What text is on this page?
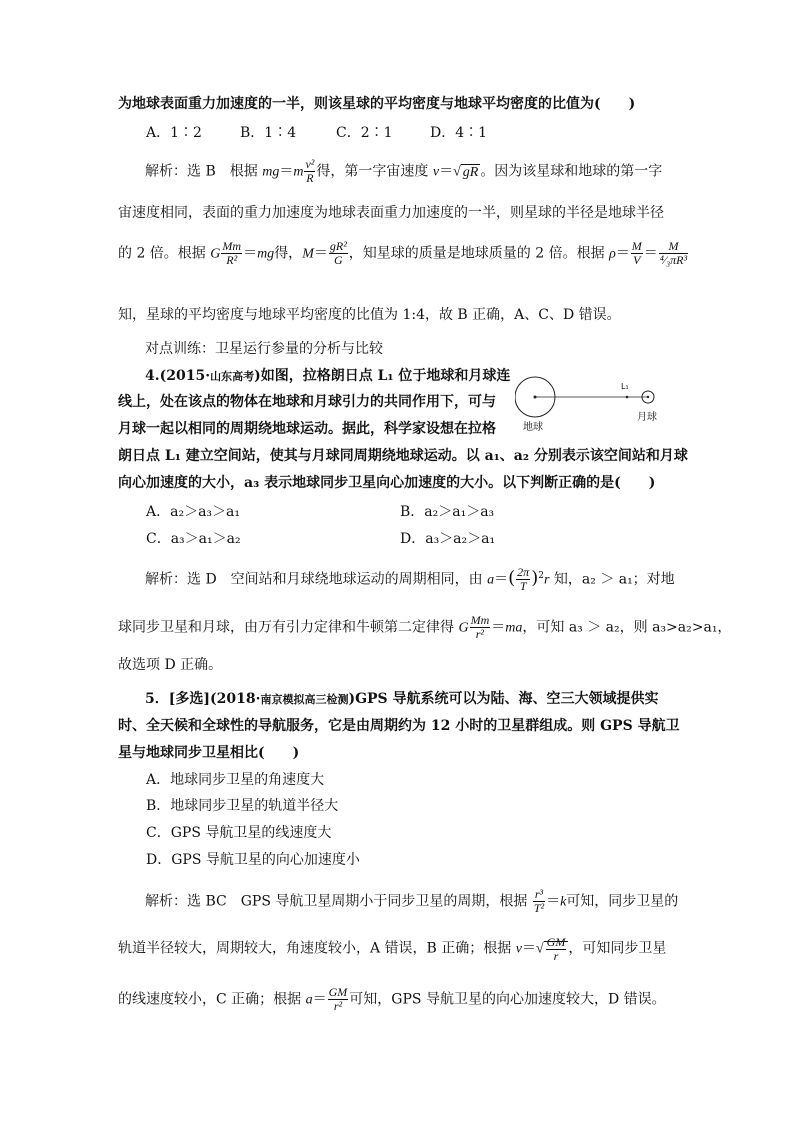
为地球表面重力加速度的一半，则该星球的平均密度与地球平均密度的比值为(　　)
A．1∶2	B．1∶4	C．2∶1	D．4∶1
解析：选 B　根据 $mg=m \frac{\text{v²}}{R}$ 得，第一字宙速度 v＝√ gR 。因为该星球和地球的第一字
宙速度相同，表面的重力加速度为地球表面重力加速度的一半，则星球的半径是地球半径
的 2 倍。根据 G $\frac{Mm}{\text{R²}} =mg$得，$M= \frac{\text{gR²}}{G}$ ，知星球的质量是地球质量的 2 倍。根据 $\rho= \frac{M}{V} = \frac{M}{\text{⁴⁄₃πR³}}$
知，星球的平均密度与地球平均密度的比值为 1:4，故 B 正确，A、C、D 错误。
对点训练：卫星运行参量的分析与比较
4.(2015·山东高考)如图，拉格朗日点 L₁ 位于地球和月球连
线上，处在该点的物体在地球和月球引力的共同作用下，可与
月球一起以相同的周期绕地球运动。据此，科学家设想在拉格
朗日点 L₁ 建立空间站，使其与月球同周期绕地球运动。以 a₁、a₂ 分别表示该空间站和月球
向心加速度的大小，a₃ 表示地球同步卫星向心加速度的大小。以下判断正确的是(　　)
L₁
地球
月球
A．a₂＞a₃＞a₁	B．a₂＞a₁＞a₃
C．a₃＞a₁＞a₂	D．a₃＞a₂＞a₁
解析：选 D　空间站和月球绕地球运动的周期相同，由 $a=( \frac{2\pi}{T} )^2r$ 知，a₂ ＞ a₁；对地
球同步卫星和月球，由万有引力定律和牛顿第二定律得 G $\frac{Mm}{\text{r²}} =ma$，可知 a₃ ＞ a₂，则 a₃>a₂>a₁，
故选项 D 正确。
5．[多选](2018·南京模拟高三检测)GPS 导航系统可以为陆、海、空三大领域提供实
时、全天候和全球性的导航服务，它是由周期约为 12 小时的卫星群组成。则 GPS 导航卫
星与地球同步卫星相比(　　)
A．地球同步卫星的角速度大
B．地球同步卫星的轨道半径大
C．GPS 导航卫星的线速度大
D．GPS 导航卫星的向心加速度小
解析：选 BC　GPS 导航卫星周期小于同步卫星的周期，根据 $\frac{\text{r³}}{\text{T²}} =k$可知，同步卫星的
轨道半径较大，周期较大，角速度较小，A 错误，B 正确；根据 $v=√ \frac{GM}{r}$ ，可知同步卫星
的线速度较小，C 正确；根据 $a= \frac{GM}{\text{r²}}$ 可知，GPS 导航卫星的向心加速度较大，D 错误。
